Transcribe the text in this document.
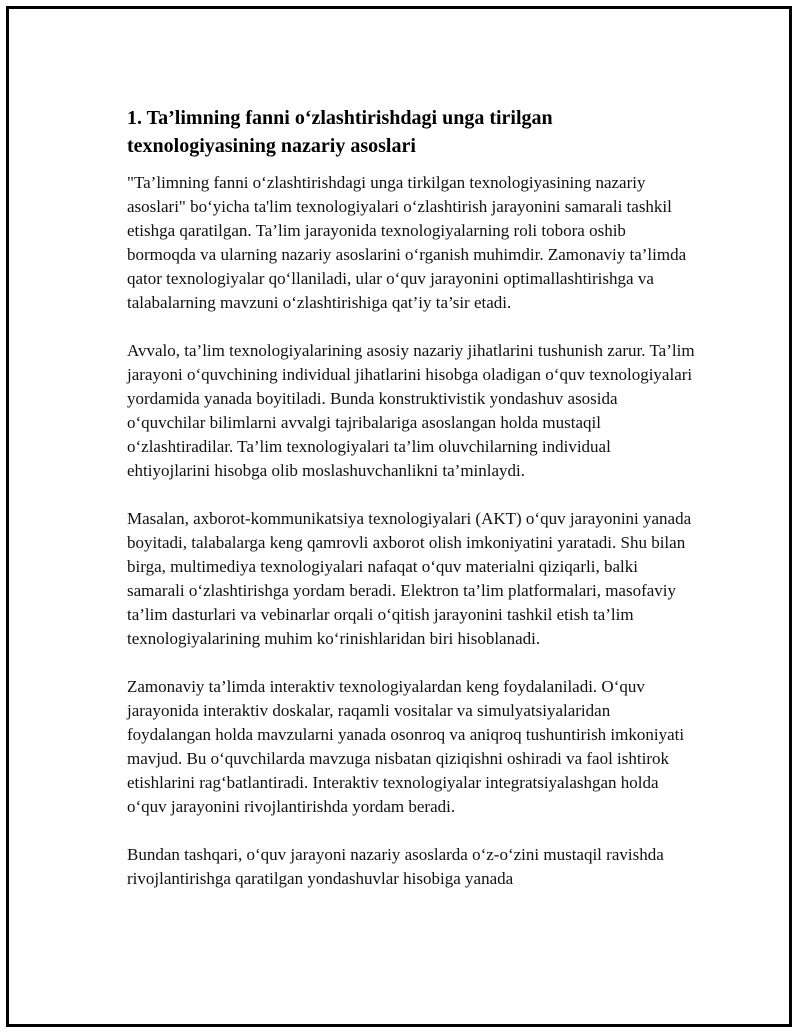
1. Ta’limning fanni o‘zlashtirishdagi unga tirilgan
texnologiyasining nazariy asoslari

"Ta’limning fanni o‘zlashtirishdagi unga tirkilgan texnologiyasining nazariy asoslari" bo‘yicha ta'lim texnologiyalari o‘zlashtirish jarayonini samarali tashkil etishga qaratilgan. Ta’lim jarayonida texnologiyalarning roli tobora oshib bormoqda va ularning nazariy asoslarini o‘rganish muhimdir. Zamonaviy ta’limda qator texnologiyalar qo‘llaniladi, ular o‘quv jarayonini optimallashtirishga va talabalarning mavzuni o‘zlashtirishiga qat’iy ta’sir etadi.

Avvalo, ta’lim texnologiyalarining asosiy nazariy jihatlarini tushunish zarur. Ta’lim jarayoni o‘quvchining individual jihatlarini hisobga oladigan o‘quv texnologiyalari yordamida yanada boyitiladi. Bunda konstruktivistik yondashuv asosida o‘quvchilar bilimlarni avvalgi tajribalariga asoslangan holda mustaqil o‘zlashtiradilar. Ta’lim texnologiyalari ta’lim oluvchilarning individual ehtiyojlarini hisobga olib moslashuvchanlikni ta’minlaydi.

Masalan, axborot-kommunikatsiya texnologiyalari (AKT) o‘quv jarayonini yanada boyitadi, talabalarga keng qamrovli axborot olish imkoniyatini yaratadi. Shu bilan birga, multimediya texnologiyalari nafaqat o‘quv materialni qiziqarli, balki samarali o‘zlashtirishga yordam beradi. Elektron ta’lim platformalari, masofaviy ta’lim dasturlari va vebinarlar orqali o‘qitish jarayonini tashkil etish ta’lim texnologiyalarining muhim ko‘rinishlaridan biri hisoblanadi.

Zamonaviy ta’limda interaktiv texnologiyalardan keng foydalaniladi. O‘quv jarayonida interaktiv doskalar, raqamli vositalar va simulyatsiyalaridan foydalangan holda mavzularni yanada osonroq va aniqroq tushuntirish imkoniyati mavjud. Bu o‘quvchilarda mavzuga nisbatan qiziqishni oshiradi va faol ishtirok etishlarini rag‘batlantiradi. Interaktiv texnologiyalar integratsiyalashgan holda o‘quv jarayonini rivojlantirishda yordam beradi.

Bundan tashqari, o‘quv jarayoni nazariy asoslarda o‘z-o‘zini mustaqil ravishda rivojlantirishga qaratilgan yondashuvlar hisobiga yanada
